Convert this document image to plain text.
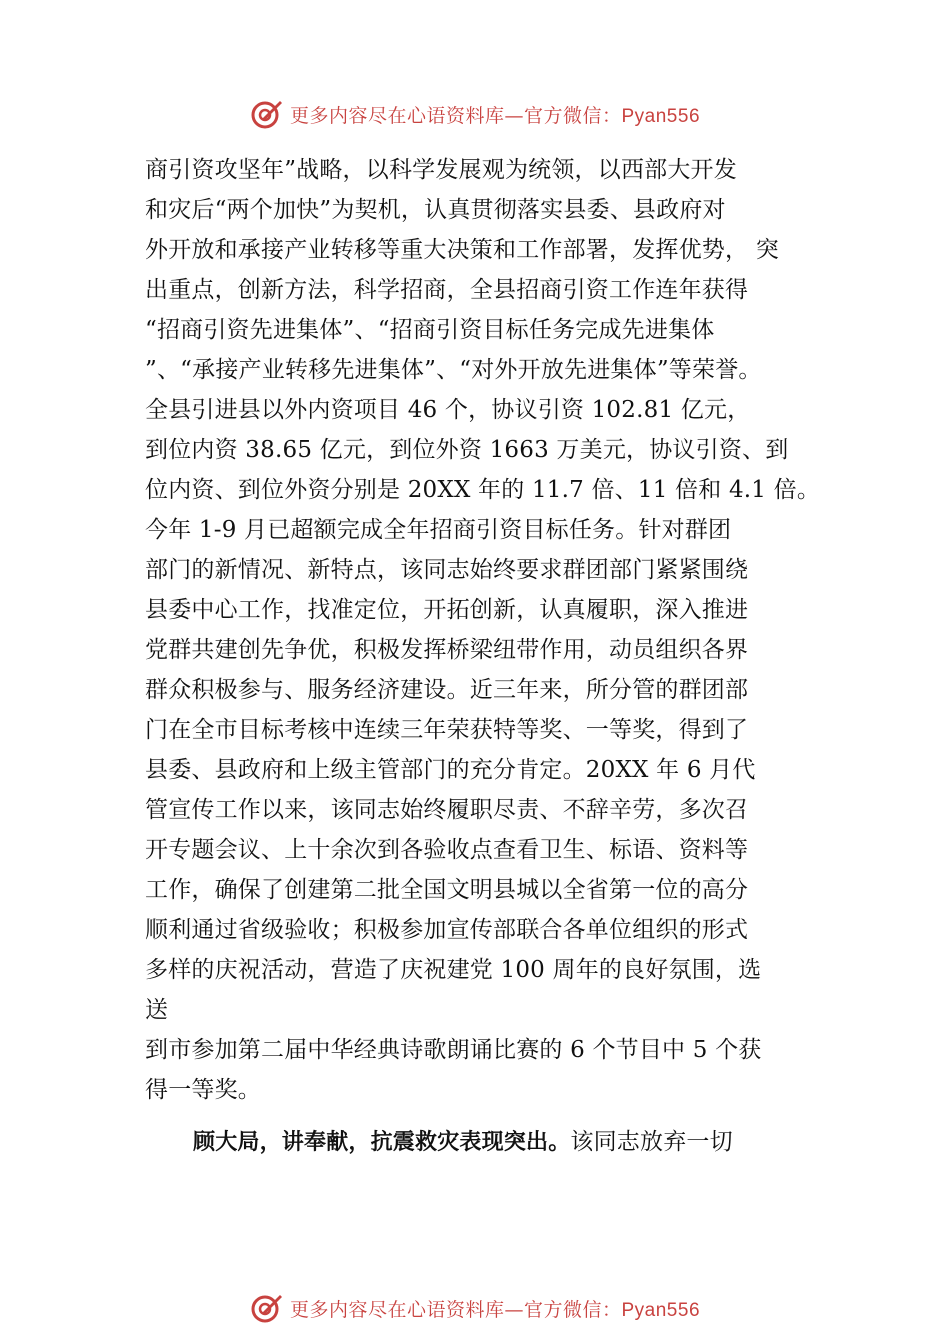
更多内容尽在心语资料库—官方微信：Pyan556
商引资攻坚年”战略，以科学发展观为统领，以西部大开发
和灾后“两个加快”为契机，认真贯彻落实县委、县政府对
外开放和承接产业转移等重大决策和工作部署，发挥优势， 突
出重点，创新方法，科学招商，全县招商引资工作连年获得
“招商引资先进集体”、“招商引资目标任务完成先进集体
”、“承接产业转移先进集体”、“对外开放先进集体”等荣誉。
全县引进县以外内资项目 46 个，协议引资 102.81 亿元，
到位内资 38.65 亿元，到位外资 1663 万美元，协议引资、到
位内资、到位外资分别是 20XX 年的 11.7 倍、11 倍和 4.1 倍。
今年 1-9 月已超额完成全年招商引资目标任务。针对群团
部门的新情况、新特点，该同志始终要求群团部门紧紧围绕
县委中心工作，找准定位，开拓创新，认真履职，深入推进
党群共建创先争优，积极发挥桥梁纽带作用，动员组织各界
群众积极参与、服务经济建设。近三年来，所分管的群团部
门在全市目标考核中连续三年荣获特等奖、一等奖，得到了
县委、县政府和上级主管部门的充分肯定。20XX 年 6 月代
管宣传工作以来，该同志始终履职尽责、不辞辛劳，多次召
开专题会议、上十余次到各验收点查看卫生、标语、资料等
工作，确保了创建第二批全国文明县城以全省第一位的高分
顺利通过省级验收；积极参加宣传部联合各单位组织的形式
多样的庆祝活动，营造了庆祝建党 100 周年的良好氛围，选
送
到市参加第二届中华经典诗歌朗诵比赛的 6 个节目中 5 个获
得一等奖。
顾大局，讲奉献，抗震救灾表现突出。该同志放弃一切
更多内容尽在心语资料库—官方微信：Pyan556
